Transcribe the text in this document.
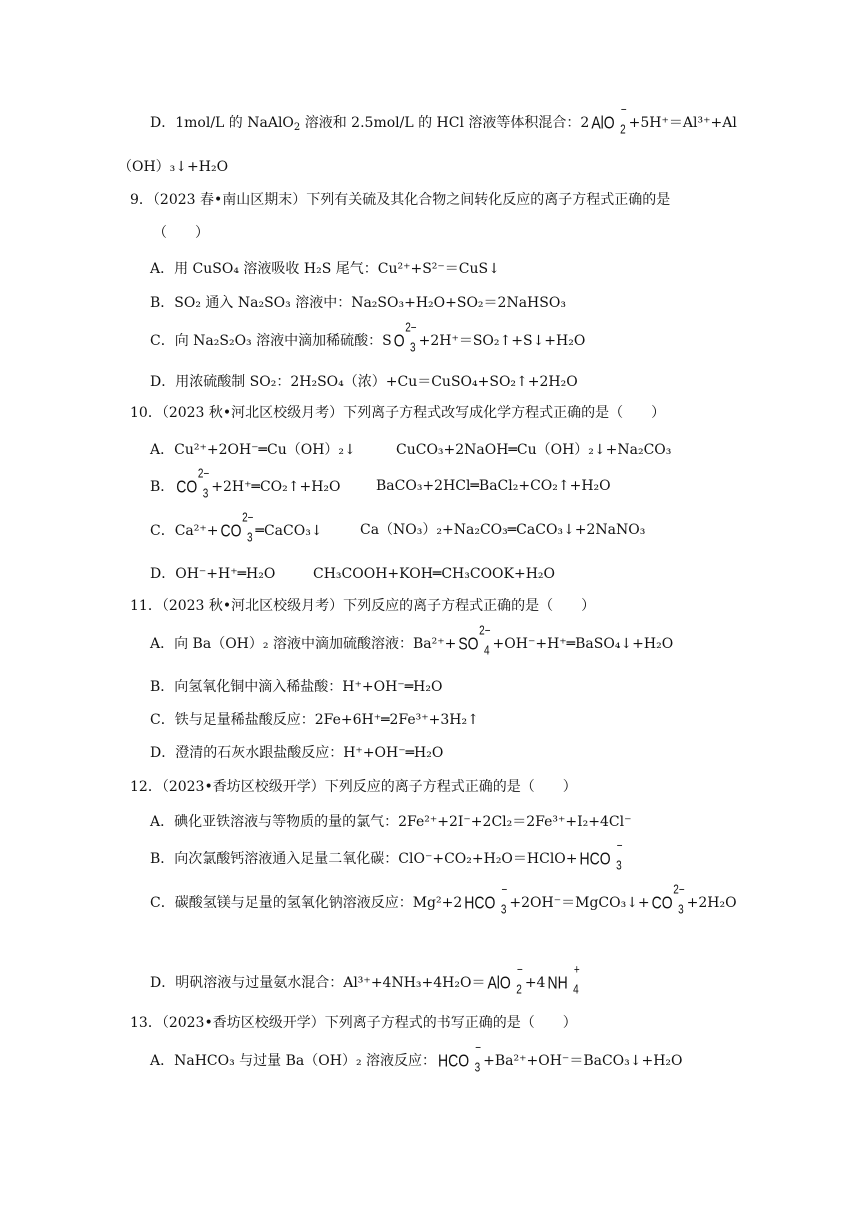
D．1mol/L 的 NaAlO$_2$ 溶液和 2.5mol/L 的 HCl 溶液等体积混合：2 AlO
−
2 +5H⁺＝Al³⁺+Al
（OH）₃↓+H₂O
9．（2023 春•南山区期末）下列有关硫及其化合物之间转化反应的离子方程式正确的是
（　　）
A．用 CuSO₄ 溶液吸收 H₂S 尾气：Cu²⁺+S²⁻＝CuS↓
B．SO₂ 通入 Na₂SO₃ 溶液中：Na₂SO₃+H₂O+SO₂＝2NaHSO₃
C．向 Na₂S₂O₃ 溶液中滴加稀硫酸：S O
2−
3 +2H⁺＝SO₂↑+S↓+H₂O
D．用浓硫酸制 SO₂：2H₂SO₄（浓）+Cu＝CuSO₄+SO₂↑+2H₂O
10．（2023 秋•河北区校级月考）下列离子方程式改写成化学方程式正确的是（　　）
A．Cu²⁺+2OH⁻═Cu（OH）₂↓	CuCO₃+2NaOH═Cu（OH）₂↓+Na₂CO₃
B． CO
2−
3 +2H⁺═CO₂↑+H₂O	BaCO₃+2HCl═BaCl₂+CO₂↑+H₂O
C．Ca²⁺+ CO
2−
3 ═CaCO₃↓	Ca（NO₃）₂+Na₂CO₃═CaCO₃↓+2NaNO₃
D．OH⁻+H⁺═H₂O	CH₃COOH+KOH═CH₃COOK+H₂O
11．（2023 秋•河北区校级月考）下列反应的离子方程式正确的是（　　）
A．向 Ba（OH）₂ 溶液中滴加硫酸溶液：Ba²⁺+ SO
2−
4 +OH⁻+H⁺═BaSO₄↓+H₂O
B．向氢氧化铜中滴入稀盐酸：H⁺+OH⁻═H₂O
C．铁与足量稀盐酸反应：2Fe+6H⁺═2Fe³⁺+3H₂↑
D．澄清的石灰水跟盐酸反应：H⁺+OH⁻═H₂O
12．（2023•香坊区校级开学）下列反应的离子方程式正确的是（　　）
A．碘化亚铁溶液与等物质的量的氯气：2Fe²⁺+2I⁻+2Cl₂＝2Fe³⁺+I₂+4Cl⁻
B．向次氯酸钙溶液通入足量二氧化碳：ClO⁻+CO₂+H₂O＝HClO+ HCO
−
3
C．碳酸氢镁与足量的氢氧化钠溶液反应：Mg²+2 HCO
−
3 +2OH⁻＝MgCO₃↓+ CO
2−
3 +2H₂O
D．明矾溶液与过量氨水混合：Al³⁺+4NH₃+4H₂O＝ AlO
−
2 +4 NH
+
4
13．（2023•香坊区校级开学）下列离子方程式的书写正确的是（　　）
A．NaHCO₃ 与过量 Ba（OH）₂ 溶液反应： HCO
−
3 +Ba²⁺+OH⁻＝BaCO₃↓+H₂O
